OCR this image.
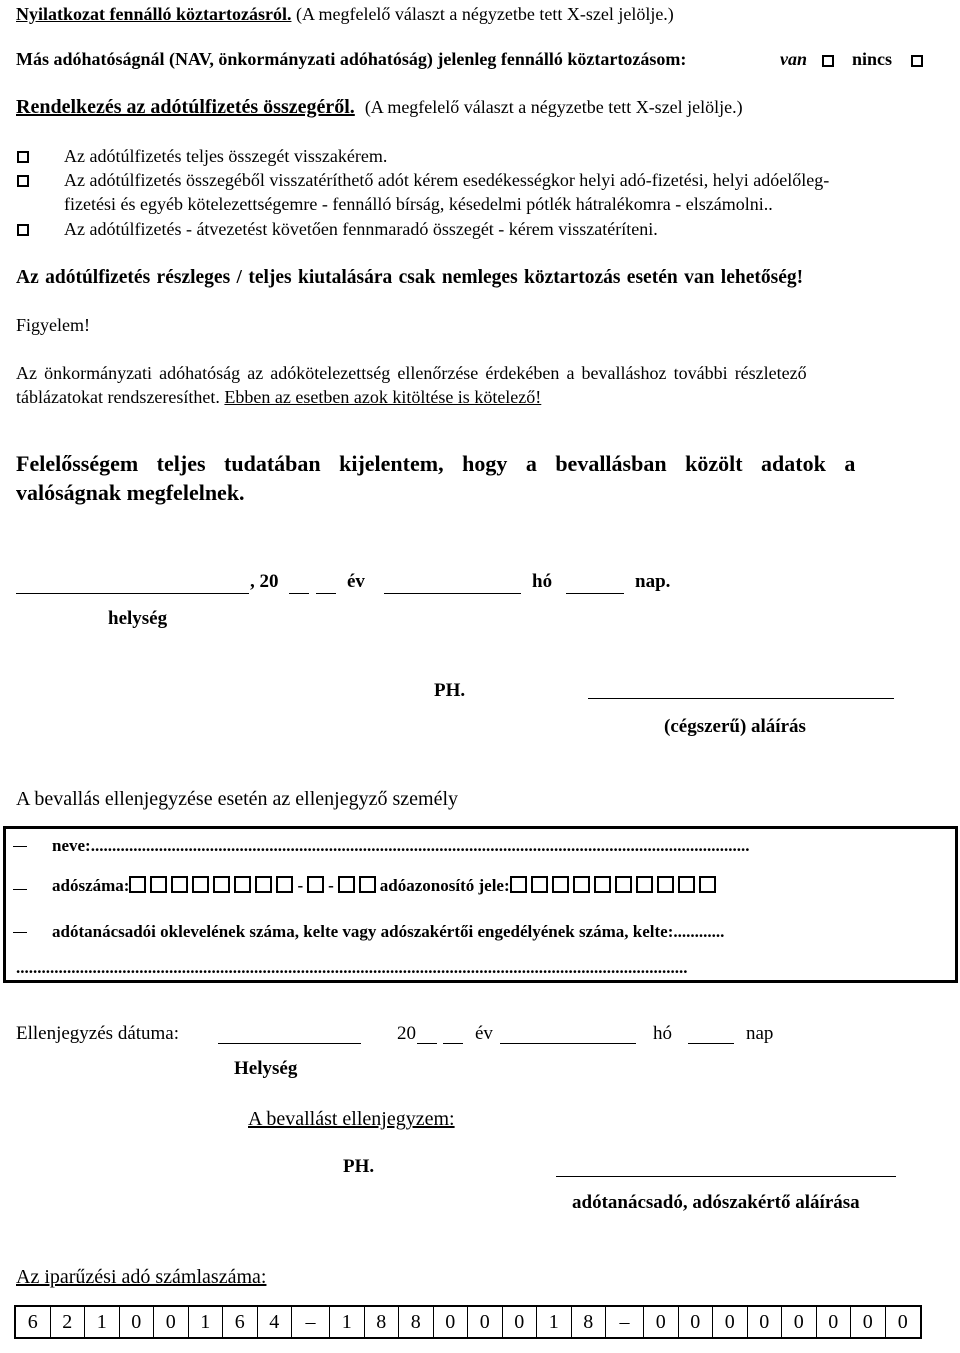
Nyilatkozat fennálló köztartozásról. (A megfelelő választ a négyzetbe tett X-szel jelölje.)
Más adóhatóságnál (NAV, önkormányzati adóhatóság) jelenleg fennálló köztartozásom:	van	nincs
Rendelkezés az adótúlfizetés összegéről. (A megfelelő választ a négyzetbe tett X-szel jelölje.)
Az adótúlfizetés teljes összegét visszakérem.
Az adótúlfizetés összegéből visszatéríthető adót kérem esedékességkor helyi adó-fizetési, helyi adóelőleg-
fizetési és egyéb kötelezettségemre - fennálló bírság, késedelmi pótlék hátralékomra - elszámolni..
Az adótúlfizetés - átvezetést követően fennmaradó összegét - kérem visszatéríteni.
Az adótúlfizetés részleges / teljes kiutalására csak nemleges köztartozás esetén van lehetőség!
Figyelem!
Az önkormányzati adóhatóság az adókötelezettség ellenőrzése érdekében a bevalláshoz további részletező
táblázatokat rendszeresíthet. Ebben az esetben azok kitöltése is kötelező!
Felelősségem teljes tudatában kijelentem, hogy a bevallásban közölt adatok a
valóságnak megfelelnek.
, 20	év	hó	nap.
helység
PH.
(cégszerű) aláírás
A bevallás ellenjegyzése esetén az ellenjegyző személy
neve:...........................................................................................................................................................
adószáma:	- -	adóazonosító jele:
adótanácsadói oklevelének száma, kelte vagy adószakértői engedélyének száma, kelte:............
..............................................................................................................................................................
Ellenjegyzés dátuma:	20	év	hó	nap
Helység
A bevallást ellenjegyzem:
PH.
adótanácsadó, adószakértő aláírása
Az iparűzési adó számlaszáma:
6	2	1	0	0	1	6	4	–	1	8	8	0	0	0	1	8	–	0	0	0	0	0	0	0	0
